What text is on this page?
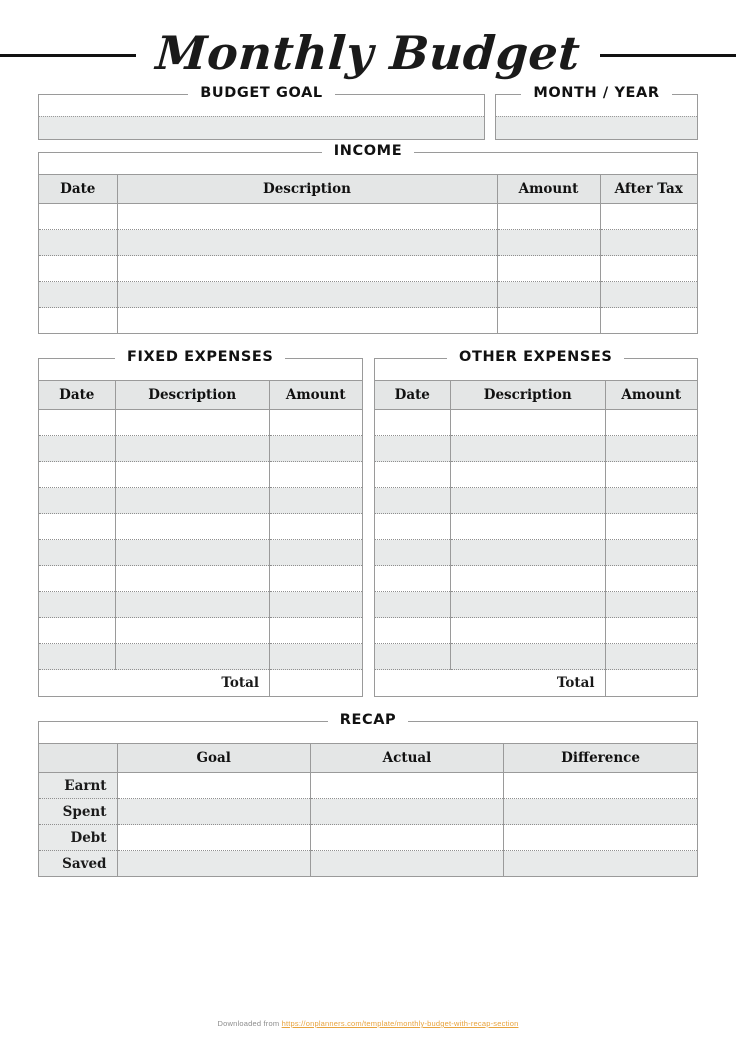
Monthly Budget
BUDGET GOAL	MONTH / YEAR
INCOME
Date	Description	Amount	After Tax

FIXED EXPENSES
Date	Description	Amount

Total		
OTHER EXPENSES
Date	Description	Amount

Total		
RECAP
	Goal	Actual	Difference
Earnt			
Spent			
Debt			
Saved			
Downloaded from https://onplanners.com/template/monthly-budget-with-recap-section
